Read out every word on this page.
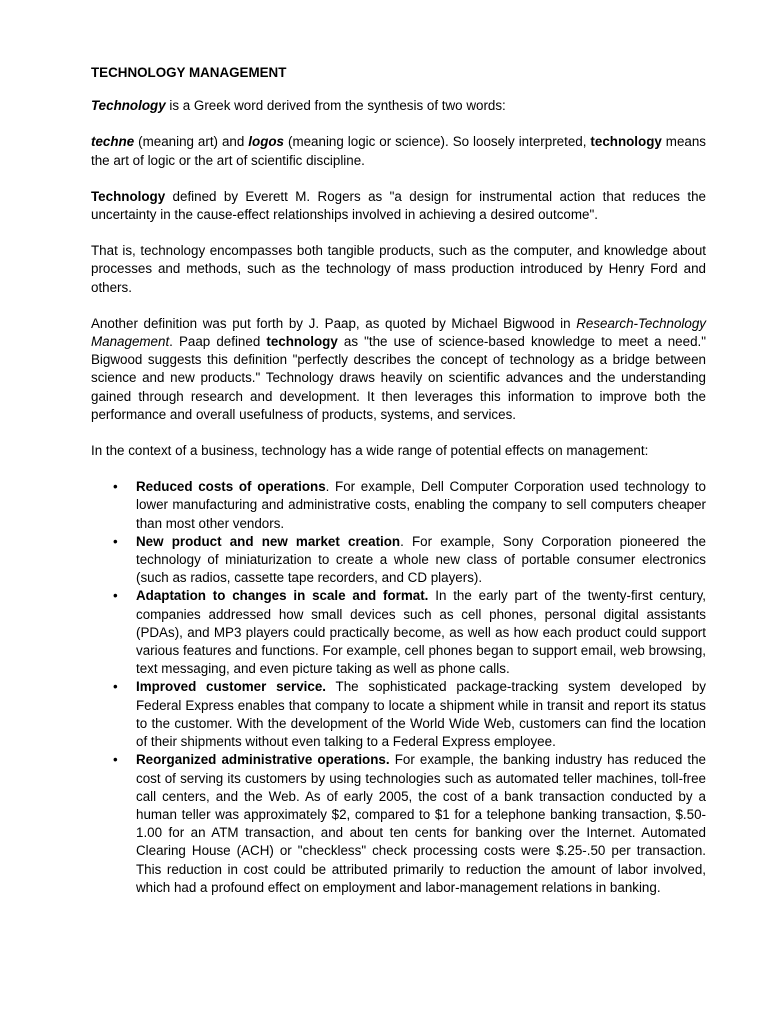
TECHNOLOGY MANAGEMENT

Technology is a Greek word derived from the synthesis of two words:

techne (meaning art) and logos (meaning logic or science). So loosely interpreted, technology means the art of logic or the art of scientific discipline.

Technology defined by Everett M. Rogers as "a design for instrumental action that reduces the uncertainty in the cause-effect relationships involved in achieving a desired outcome".

That is, technology encompasses both tangible products, such as the computer, and knowledge about processes and methods, such as the technology of mass production introduced by Henry Ford and others.

Another definition was put forth by J. Paap, as quoted by Michael Bigwood in Research-Technology Management. Paap defined technology as "the use of science-based knowledge to meet a need." Bigwood suggests this definition "perfectly describes the concept of technology as a bridge between science and new products." Technology draws heavily on scientific advances and the understanding gained through research and development. It then leverages this information to improve both the performance and overall usefulness of products, systems, and services.

In the context of a business, technology has a wide range of potential effects on management:

• Reduced costs of operations. For example, Dell Computer Corporation used technology to lower manufacturing and administrative costs, enabling the company to sell computers cheaper than most other vendors.
• New product and new market creation. For example, Sony Corporation pioneered the technology of miniaturization to create a whole new class of portable consumer electronics (such as radios, cassette tape recorders, and CD players).
• Adaptation to changes in scale and format. In the early part of the twenty-first century, companies addressed how small devices such as cell phones, personal digital assistants (PDAs), and MP3 players could practically become, as well as how each product could support various features and functions. For example, cell phones began to support email, web browsing, text messaging, and even picture taking as well as phone calls.
• Improved customer service. The sophisticated package-tracking system developed by Federal Express enables that company to locate a shipment while in transit and report its status to the customer. With the development of the World Wide Web, customers can find the location of their shipments without even talking to a Federal Express employee.
• Reorganized administrative operations. For example, the banking industry has reduced the cost of serving its customers by using technologies such as automated teller machines, toll-free call centers, and the Web. As of early 2005, the cost of a bank transaction conducted by a human teller was approximately $2, compared to $1 for a telephone banking transaction, $.50-1.00 for an ATM transaction, and about ten cents for banking over the Internet. Automated Clearing House (ACH) or "checkless" check processing costs were $.25-.50 per transaction. This reduction in cost could be attributed primarily to reduction the amount of labor involved, which had a profound effect on employment and labor-management relations in banking.
